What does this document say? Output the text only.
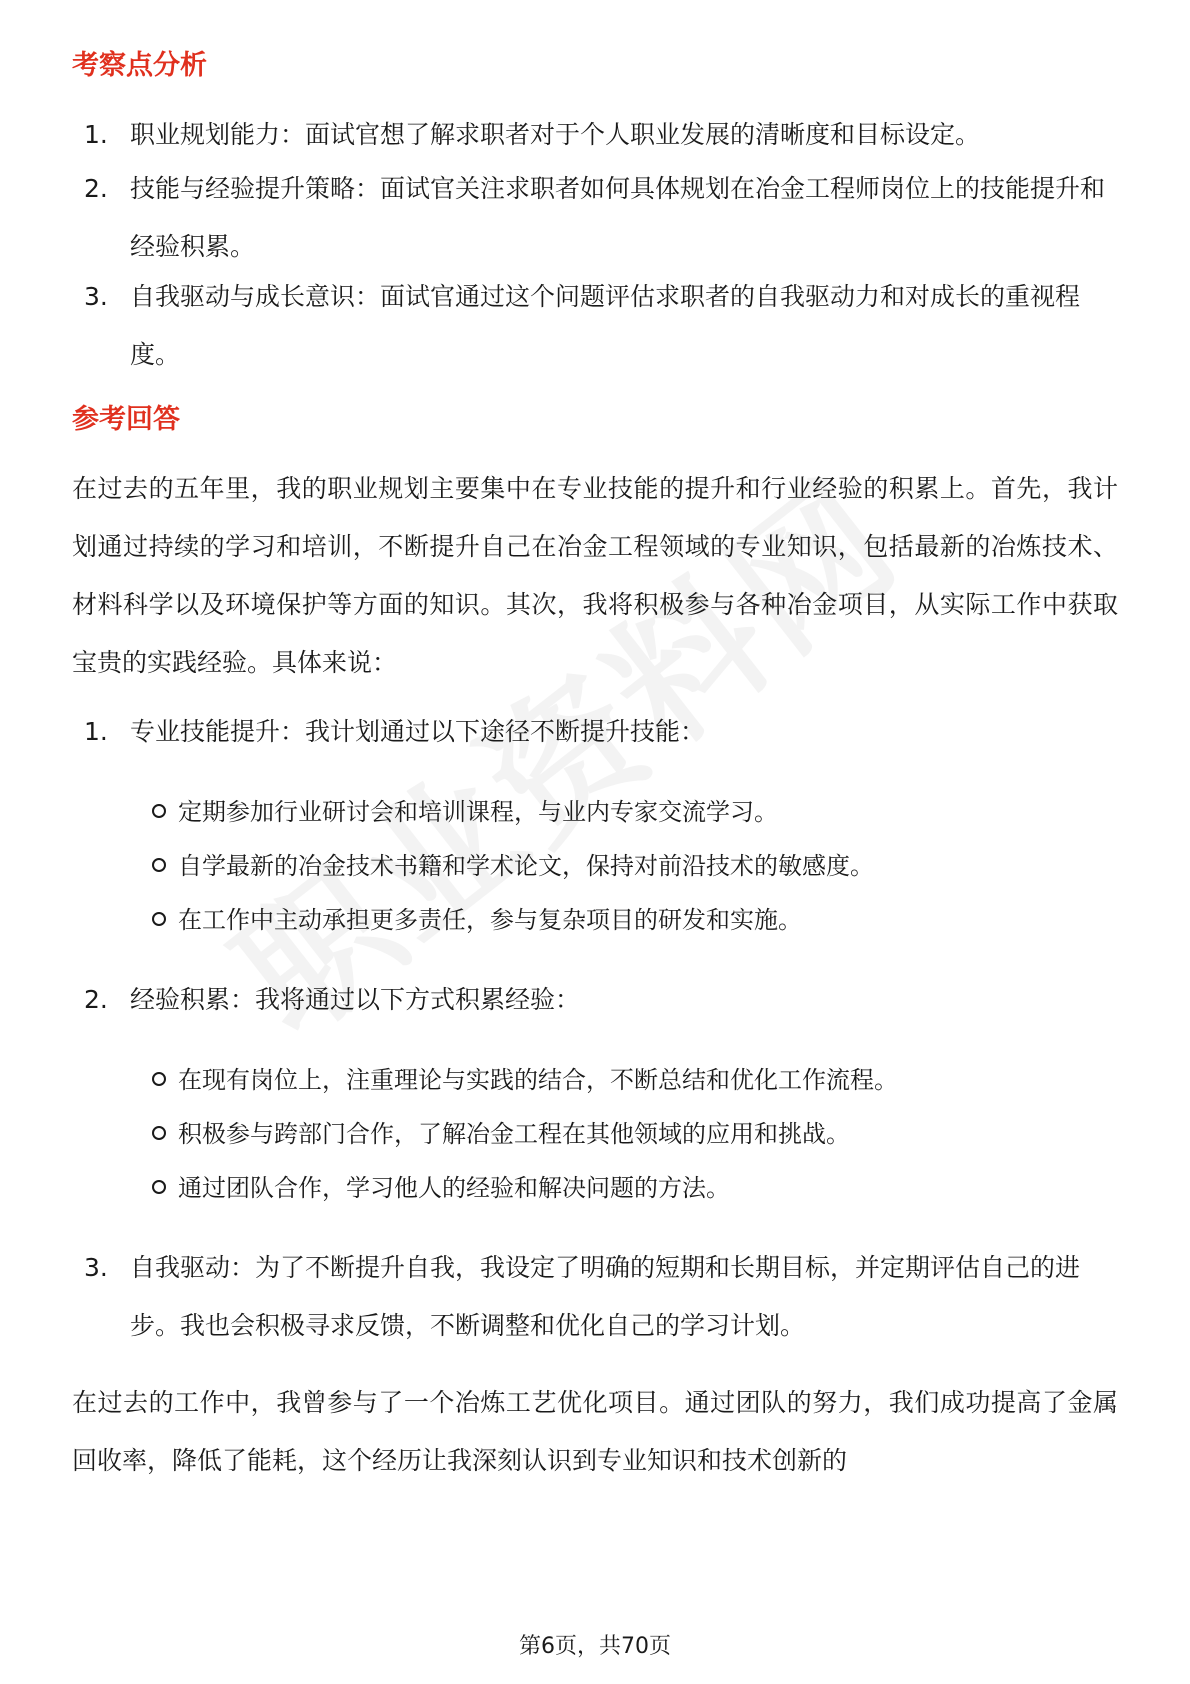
考察点分析
1. 职业规划能力：面试官想了解求职者对于个人职业发展的清晰度和目标设定。
2. 技能与经验提升策略：面试官关注求职者如何具体规划在冶金工程师岗位上的技能提升和经验积累。
3. 自我驱动与成长意识：面试官通过这个问题评估求职者的自我驱动力和对成长的重视程度。
参考回答
在过去的五年里，我的职业规划主要集中在专业技能的提升和行业经验的积累上。首先，我计划通过持续的学习和培训，不断提升自己在冶金工程领域的专业知识，包括最新的冶炼技术、材料科学以及环境保护等方面的知识。其次，我将积极参与各种冶金项目，从实际工作中获取宝贵的实践经验。具体来说：
1. 专业技能提升：我计划通过以下途径不断提升技能：
定期参加行业研讨会和培训课程，与业内专家交流学习。
自学最新的冶金技术书籍和学术论文，保持对前沿技术的敏感度。
在工作中主动承担更多责任，参与复杂项目的研发和实施。
2. 经验积累：我将通过以下方式积累经验：
在现有岗位上，注重理论与实践的结合，不断总结和优化工作流程。
积极参与跨部门合作，了解冶金工程在其他领域的应用和挑战。
通过团队合作，学习他人的经验和解决问题的方法。
3. 自我驱动：为了不断提升自我，我设定了明确的短期和长期目标，并定期评估自己的进步。我也会积极寻求反馈，不断调整和优化自己的学习计划。
在过去的工作中，我曾参与了一个冶炼工艺优化项目。通过团队的努力，我们成功提高了金属回收率，降低了能耗，这个经历让我深刻认识到专业知识和技术创新的
第6页，共70页
